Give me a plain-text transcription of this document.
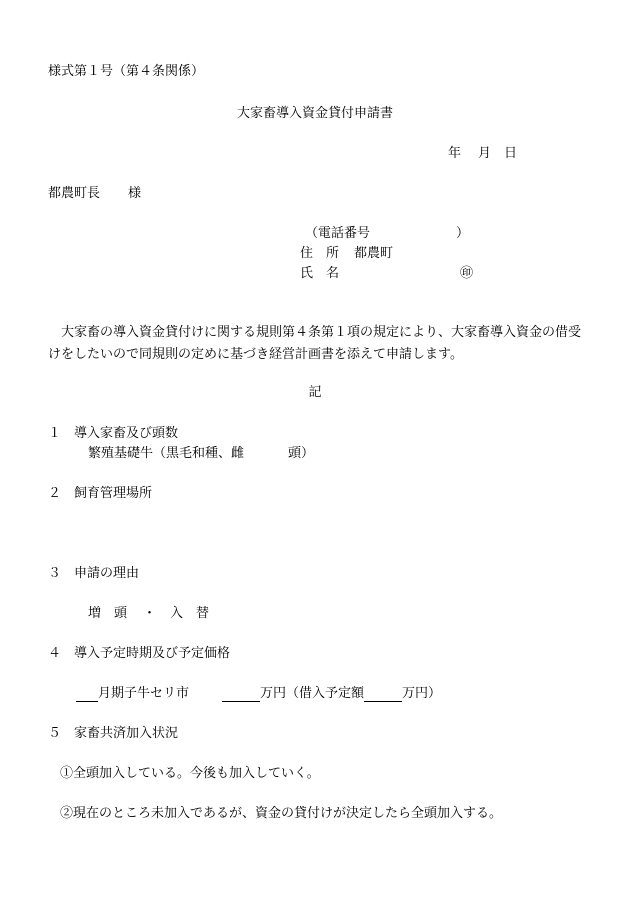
様式第１号（第４条関係）
大家畜導入資金貸付申請書
年 月 日
都農町長 様
（電話番号	）
住　所 都農町
氏　名	㊞
大家畜の導入資金貸付けに関する規則第４条第１項の規定により、大家畜導入資金の借受けをしたいので同規則の定めに基づき経営計画書を添えて申請します。
記
１ 導入家畜及び頭数
繁殖基礎牛（黒毛和種、雌	頭）
２ 飼育管理場所
３ 申請の理由
増　頭 ・ 入　替
４ 導入予定時期及び予定価格
月期子牛セリ市	万円（借入予定額	万円）
５ 家畜共済加入状況
①全頭加入している。今後も加入していく。
②現在のところ未加入であるが、資金の貸付けが決定したら全頭加入する。
